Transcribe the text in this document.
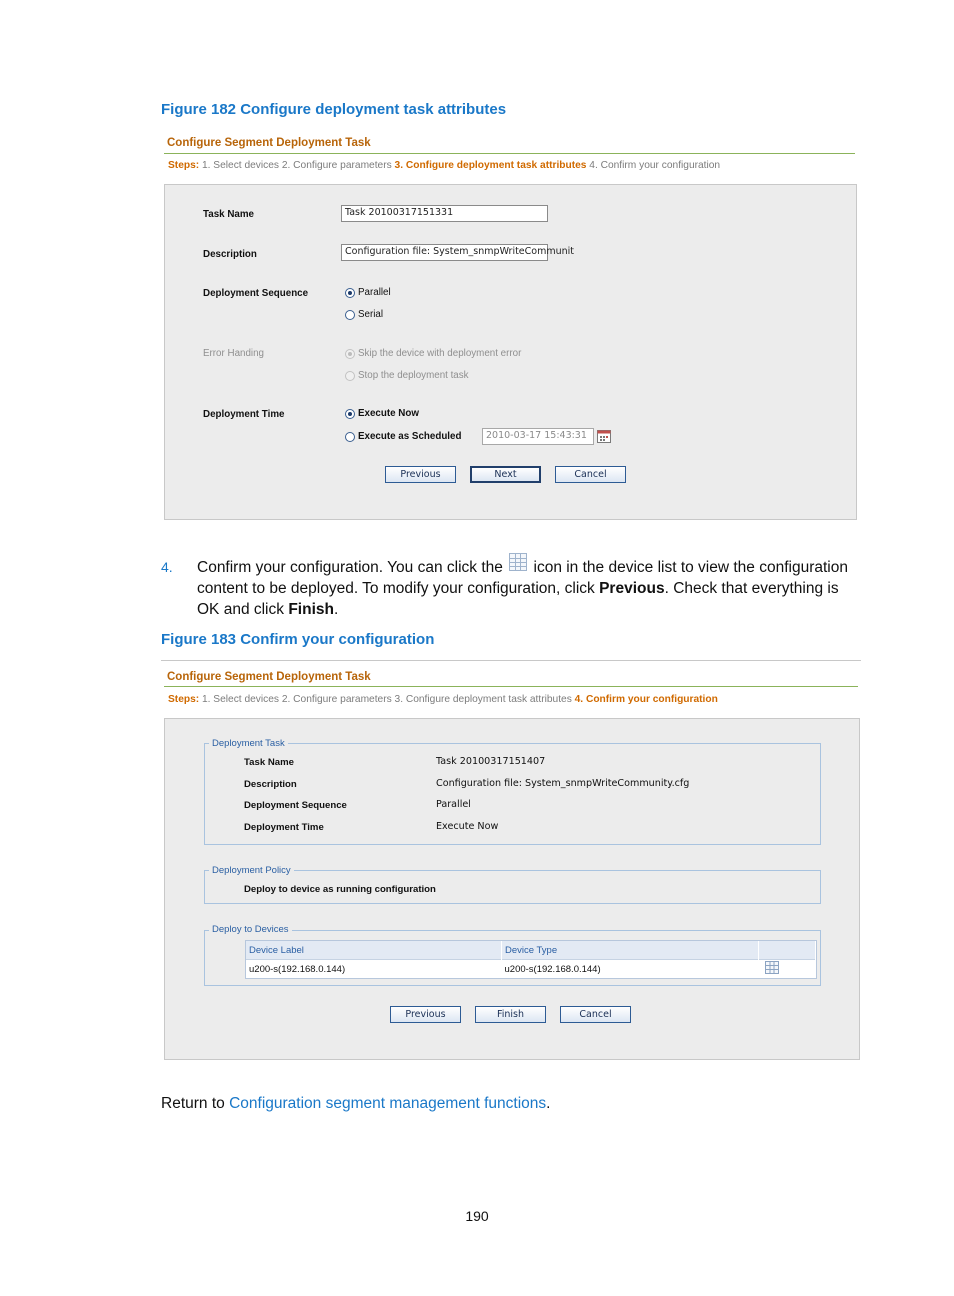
Figure 182 Configure deployment task attributes
Configure Segment Deployment Task
Steps: 1. Select devices 2. Configure parameters 3. Configure deployment task attributes 4. Confirm your configuration
Task Name	Task 20100317151331
Description	Configuration file: System_snmpWriteCommunit
Deployment Sequence	Parallel
Serial
Error Handing	Skip the device with deployment error
Stop the deployment task
Deployment Time	Execute Now
Execute as Scheduled	2010-03-17 15:43:31
Previous	Next	Cancel
4. Confirm your configuration. You can click the icon in the device list to view the configuration content to be deployed. To modify your configuration, click Previous. Check that everything is OK and click Finish.
Figure 183 Confirm your configuration
Configure Segment Deployment Task
Steps: 1. Select devices 2. Configure parameters 3. Configure deployment task attributes 4. Confirm your configuration
Deployment Task
Task Name	Task 20100317151407
Description	Configuration file: System_snmpWriteCommunity.cfg
Deployment Sequence	Parallel
Deployment Time	Execute Now
Deployment Policy
Deploy to device as running configuration
Deploy to Devices
Device Label	Device Type	
u200-s(192.168.0.144)	u200-s(192.168.0.144)	
Previous	Finish	Cancel
Return to Configuration segment management functions.
190
